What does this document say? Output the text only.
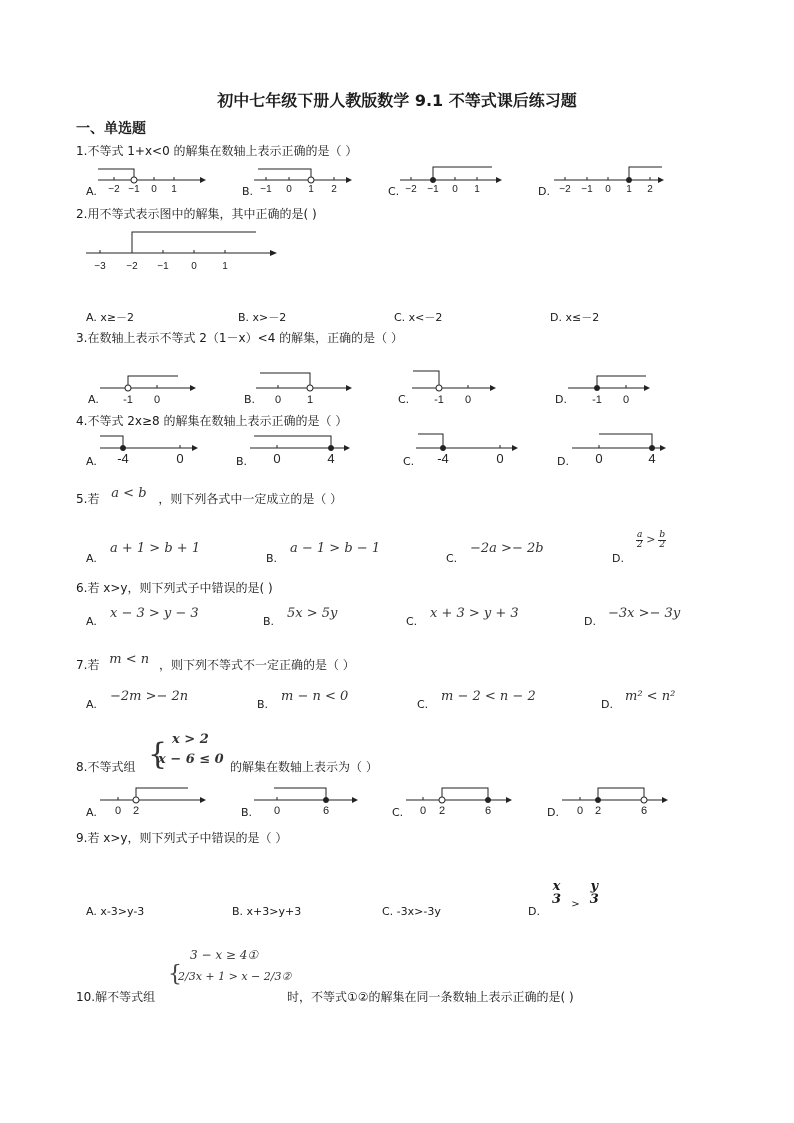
初中七年级下册人教版数学 9.1 不等式课后练习题
一、单选题
1.不等式 1+x<0 的解集在数轴上表示正确的是（ ）
A.	B.	C.	D.
−2 −1 0 1	−1 0 1 2	−2 −1 0 1	−2 −1 0 1 2
2.用不等式表示图中的解集，其中正确的是( )
−3 −2 −1 0	1
A. x≥－2	B. x>－2	C. x<－2	D. x≤－2
3.在数轴上表示不等式 2（1－x）<4 的解集，正确的是（ ）
A.	B.	C.	D.
-1 0	0 1	-1 0	-1 0
4.不等式 2x≥8 的解集在数轴上表示正确的是（ ）
A.	B.	C.	D.
-4	0	0	4	-4	0	0	4
5.若 a < b ，则下列各式中一定成立的是（ ）
A.
a + 1 > b + 1
B.
a − 1 > b − 1
C.
−2a >− 2b
D.
$\frac{a}{2} > \frac{b}{2}$
6.若 x>y，则下列式子中错误的是( )
A.
x − 3 > y − 3
B.
5x > 5y
C.
x + 3 > y + 3
D.
−3x >− 3y
7.若 m < n ，则下列不等式不一定正确的是（ ）
A.
−2m >− 2n
B.
m − n < 0
C.
m − 2 < n − 2
D.
m² < n²
8.不等式组 { x > 2
x − 6 ≤ 0 的解集在数轴上表示为（ ）
A.	B.	C.	D.
0 2	0	6	0 2	6	0 2	6
9.若 x>y，则下列式子中错误的是（ ）
A. x-3>y-3	B. x+3>y+3	C. -3x>-3y	D.
x
3 $_>$
y
3
10.解不等式组
3 − x ≥ 4①
{
2/3x + 1 > x − 2/3②
时，不等式①②的解集在同一条数轴上表示正确的是( )
